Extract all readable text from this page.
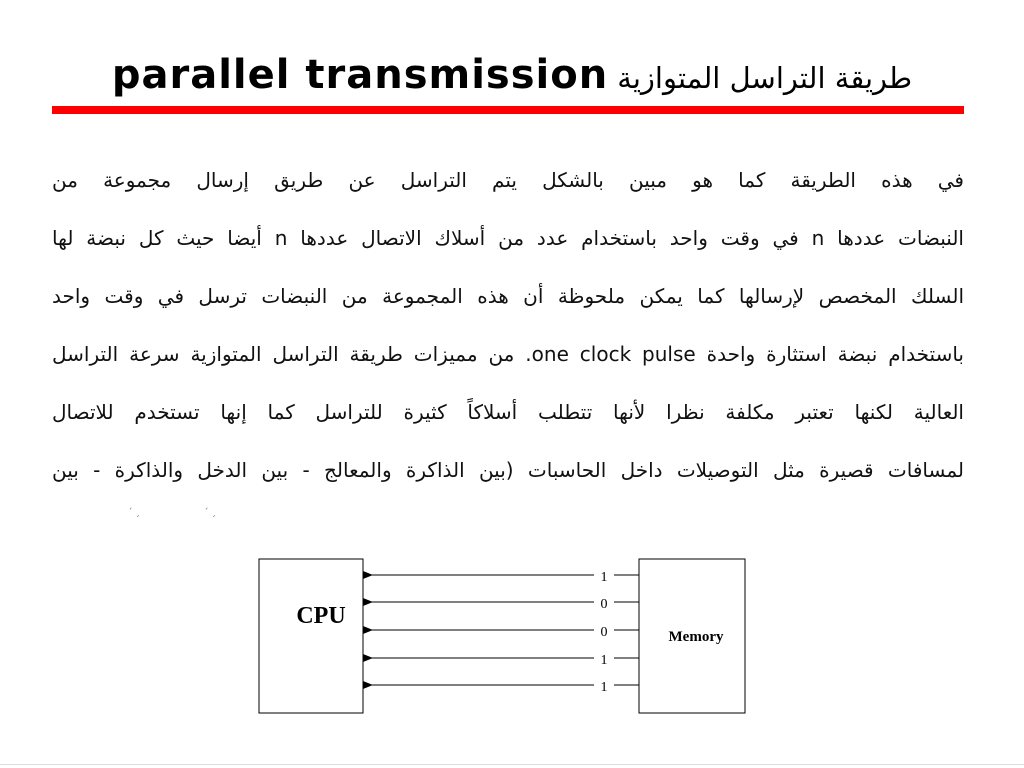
parallel transmission طريقة التراسل المتوازية
في هذه الطريقة كما هو مبين بالشكل يتم التراسل عن طريق إرسال مجموعة من
النبضات عددها n في وقت واحد باستخدام عدد من أسلاك الاتصال عددها n أيضا حيث كل نبضة لها
السلك المخصص لإرسالها كما يمكن ملحوظة أن هذه المجموعة من النبضات ترسل في وقت واحد
باستخدام نبضة استثارة واحدة one clock pulse. من مميزات طريقة التراسل المتوازية سرعة التراسل
العالية لكنها تعتبر مكلفة نظرا لأنها تتطلب أسلاكاً كثيرة للتراسل كما إنها تستخدم للاتصال
لمسافات قصيرة مثل التوصيلات داخل الحاسبات (بين الذاكرة والمعالج - بين الدخل والذاكرة - بين
ˊ ˏ	ˊ ˏ
CPU
Memory
1
0
0
1
1
